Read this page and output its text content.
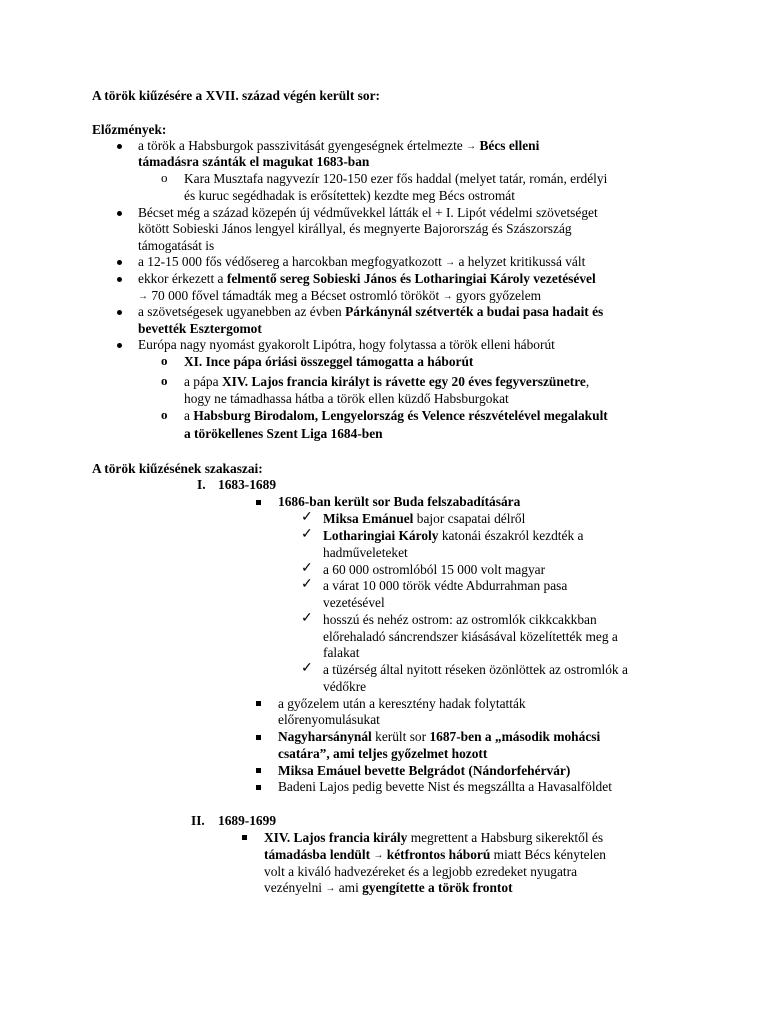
A török kiűzésére a XVII. század végén került sor:
Előzmények:
a török a Habsburgok passzivitását gyengeségnek értelmezte → Bécs elleni
támadásra szánták el magukat 1683-ban
o Kara Musztafa nagyvezír 120-150 ezer fős haddal (melyet tatár, román, erdélyi
és kuruc segédhadak is erősítettek) kezdte meg Bécs ostromát
Bécset még a század közepén új védművekkel látták el + I. Lipót védelmi szövetséget
kötött Sobieski János lengyel királlyal, és megnyerte Bajorország és Szászország
támogatását is
a 12-15 000 fős védősereg a harcokban megfogyatkozott → a helyzet kritikussá vált
ekkor érkezett a felmentő sereg Sobieski János és Lotharingiai Károly vezetésével
→ 70 000 fővel támadták meg a Bécset ostromló törököt → gyors győzelem
a szövetségesek ugyanebben az évben Párkánynál szétverték a budai pasa hadait és
bevették Esztergomot
Európa nagy nyomást gyakorolt Lipótra, hogy folytassa a török elleni háborút
o XI. Ince pápa óriási összeggel támogatta a háborút
o a pápa XIV. Lajos francia királyt is rávette egy 20 éves fegyverszünetre,
hogy ne támadhassa hátba a török ellen küzdő Habsburgokat
o a Habsburg Birodalom, Lengyelország és Velence részvételével megalakult
a törökellenes Szent Liga 1684-ben
A török kiűzésének szakaszai:
I. 1683-1689
1686-ban került sor Buda felszabadítására
✓ Miksa Emánuel bajor csapatai délről
✓ Lotharingiai Károly katonái északról kezdték a
hadműveleteket
✓ a 60 000 ostromlóból 15 000 volt magyar
✓ a várat 10 000 török védte Abdurrahman pasa
vezetésével
✓ hosszú és nehéz ostrom: az ostromlók cikkcakkban
előrehaladó sáncrendszer kiásásával közelítették meg a
falakat
✓ a tüzérség által nyitott réseken özönlöttek az ostromlók a
védőkre
a győzelem után a keresztény hadak folytatták
előrenyomulásukat
Nagyharsánynál került sor 1687-ben a „második mohácsi
csatára”, ami teljes győzelmet hozott
Miksa Emáuel bevette Belgrádot (Nándorfehérvár)
Badeni Lajos pedig bevette Nist és megszállta a Havasalföldet
II. 1689-1699
XIV. Lajos francia király megrettent a Habsburg sikerektől és
támadásba lendült → kétfrontos háború miatt Bécs kénytelen
volt a kiváló hadvezéreket és a legjobb ezredeket nyugatra
vezényelni → ami gyengítette a török frontot
